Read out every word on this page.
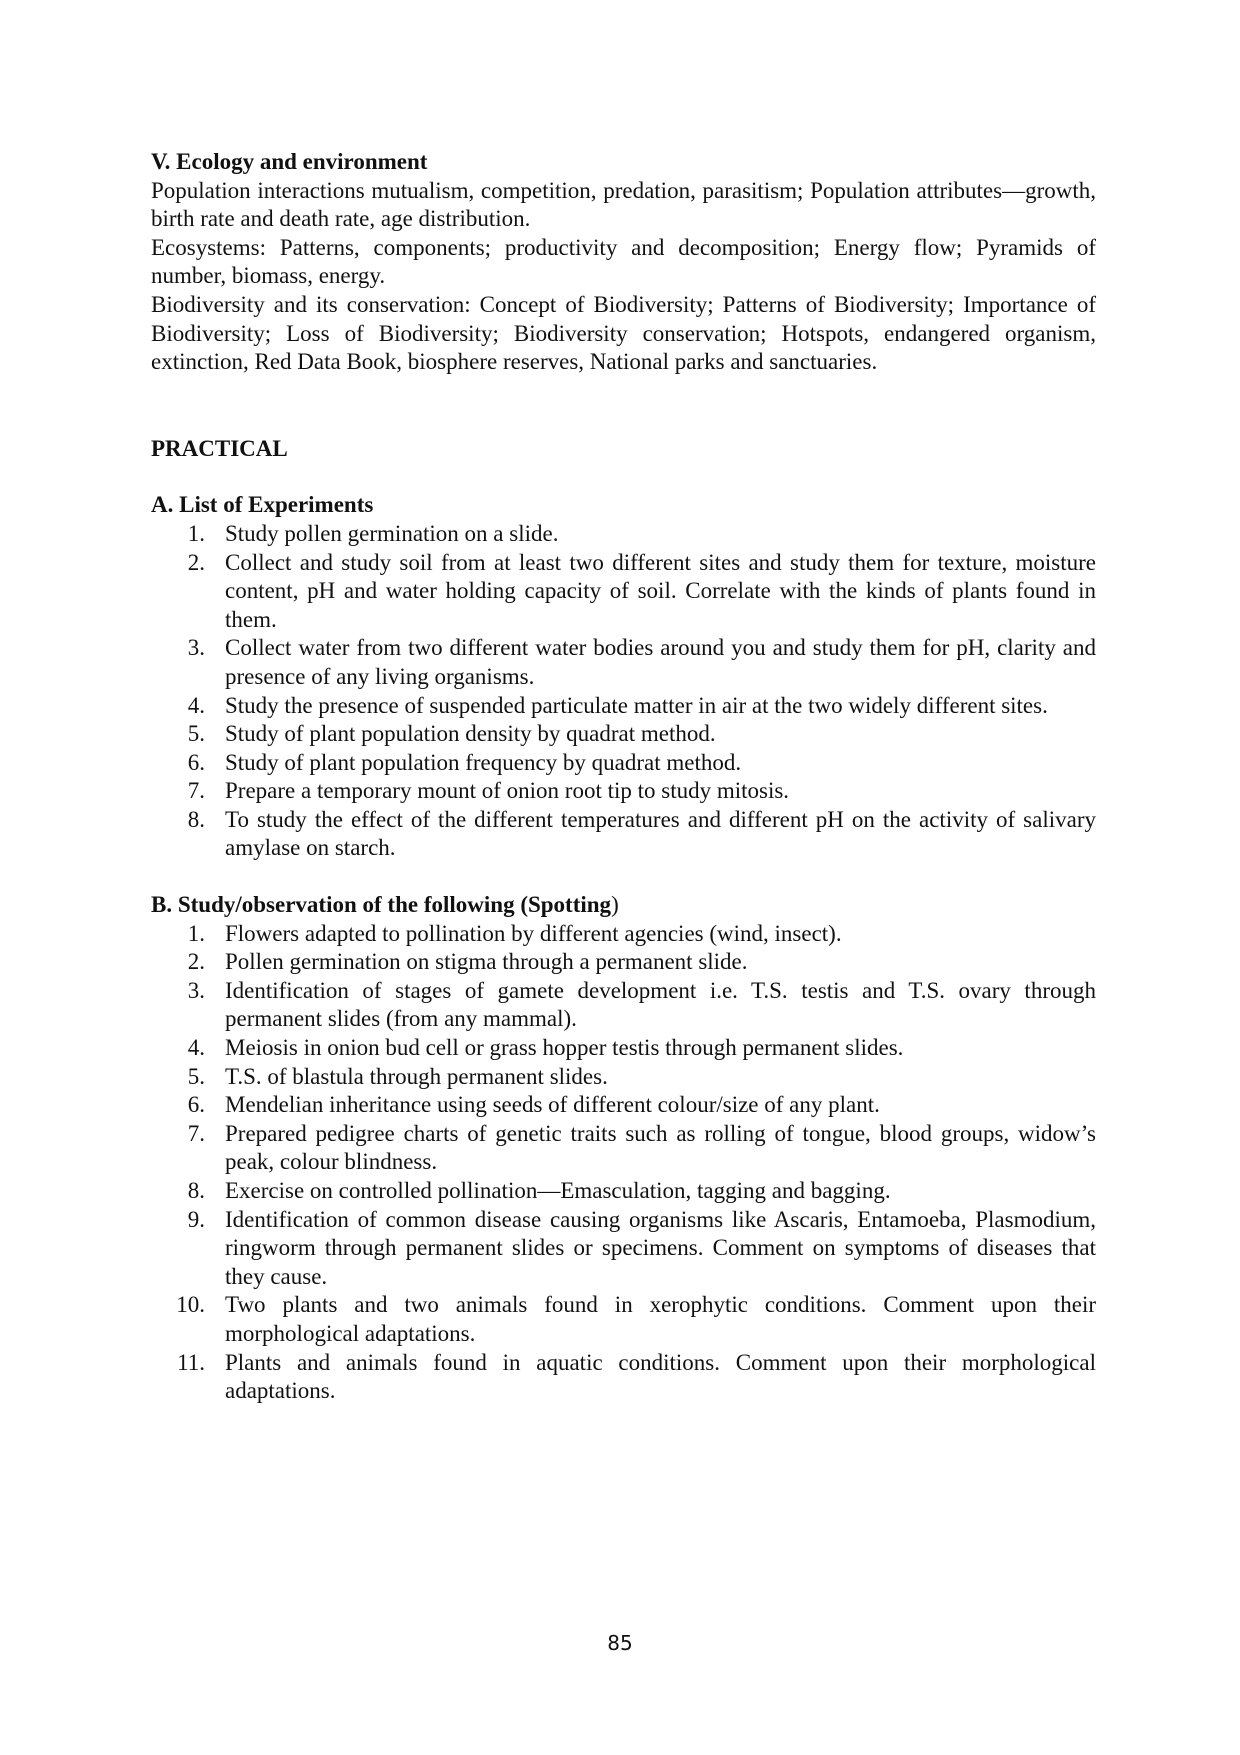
V. Ecology and environment

Population interactions mutualism, competition, predation, parasitism; Population attributes—growth, birth rate and death rate, age distribution.

Ecosystems: Patterns, components; productivity and decomposition; Energy flow; Pyramids of number, biomass, energy.

Biodiversity and its conservation: Concept of Biodiversity; Patterns of Biodiversity; Importance of Biodiversity; Loss of Biodiversity; Biodiversity conservation; Hotspots, endangered organism, extinction, Red Data Book, biosphere reserves, National parks and sanctuaries.

PRACTICAL

A. List of Experiments

1. Study pollen germination on a slide.
2. Collect and study soil from at least two different sites and study them for texture, moisture content, pH and water holding capacity of soil. Correlate with the kinds of plants found in them.
3. Collect water from two different water bodies around you and study them for pH, clarity and presence of any living organisms.
4. Study the presence of suspended particulate matter in air at the two widely different sites.
5. Study of plant population density by quadrat method.
6. Study of plant population frequency by quadrat method.
7. Prepare a temporary mount of onion root tip to study mitosis.
8. To study the effect of the different temperatures and different pH on the activity of salivary amylase on starch.

B. Study/observation of the following (Spotting)

1. Flowers adapted to pollination by different agencies (wind, insect).
2. Pollen germination on stigma through a permanent slide.
3. Identification of stages of gamete development i.e. T.S. testis and T.S. ovary through permanent slides (from any mammal).
4. Meiosis in onion bud cell or grass hopper testis through permanent slides.
5. T.S. of blastula through permanent slides.
6. Mendelian inheritance using seeds of different colour/size of any plant.
7. Prepared pedigree charts of genetic traits such as rolling of tongue, blood groups, widow’s peak, colour blindness.
8. Exercise on controlled pollination—Emasculation, tagging and bagging.
9. Identification of common disease causing organisms like Ascaris, Entamoeba, Plasmodium, ringworm through permanent slides or specimens. Comment on symptoms of diseases that they cause.
10. Two plants and two animals found in xerophytic conditions. Comment upon their morphological adaptations.
11. Plants and animals found in aquatic conditions. Comment upon their morphological adaptations.
85
